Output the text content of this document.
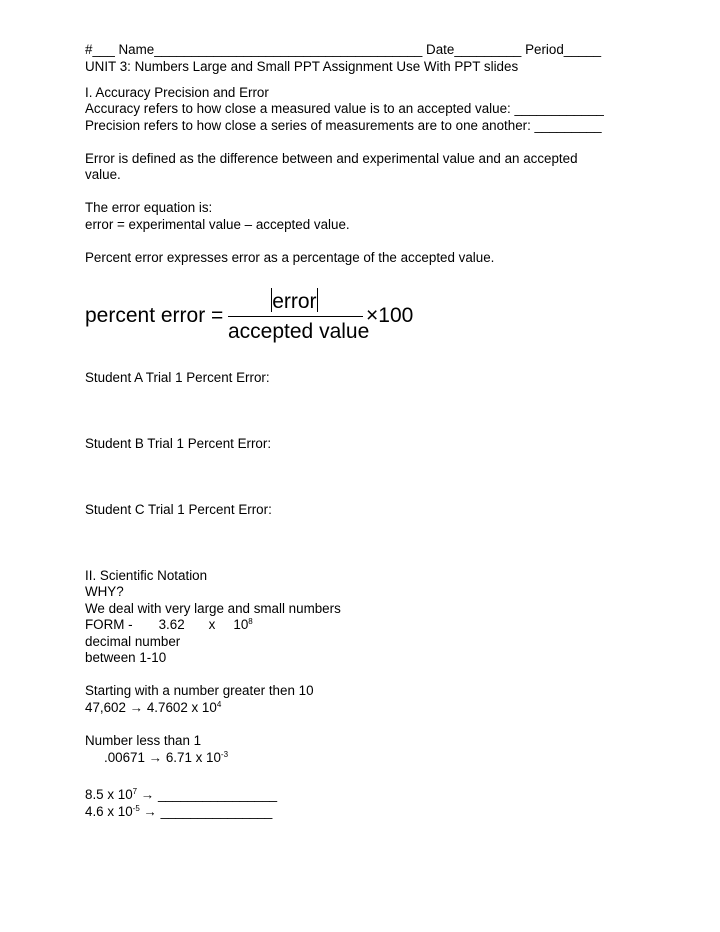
#___ Name____________________________________ Date_________ Period_____
UNIT 3: Numbers Large and Small PPT Assignment Use With PPT slides
I. Accuracy Precision and Error
Accuracy refers to how close a measured value is to an accepted value: ____________
Precision refers to how close a series of measurements are to one another: _________
Error is defined as the difference between and experimental value and an accepted
value.
The error equation is:
error = experimental value – accepted value.
Percent error expresses error as a percentage of the accepted value.
percent error =
error
accepted value
×100
Student A Trial 1 Percent Error:
Student B Trial 1 Percent Error:
Student C Trial 1 Percent Error:
II. Scientific Notation
WHY?
We deal with very large and small numbers
FORM - 3.62 x $10^8$
decimal number
between 1-10
Starting with a number greater then 10
47,602 → 4.7602 x $10^4$
Number less than 1
.00671 → 6.71 x $10^{-3}$
8.5 x $10^7$ → ________________
4.6 x $10^{-5}$ → _______________
